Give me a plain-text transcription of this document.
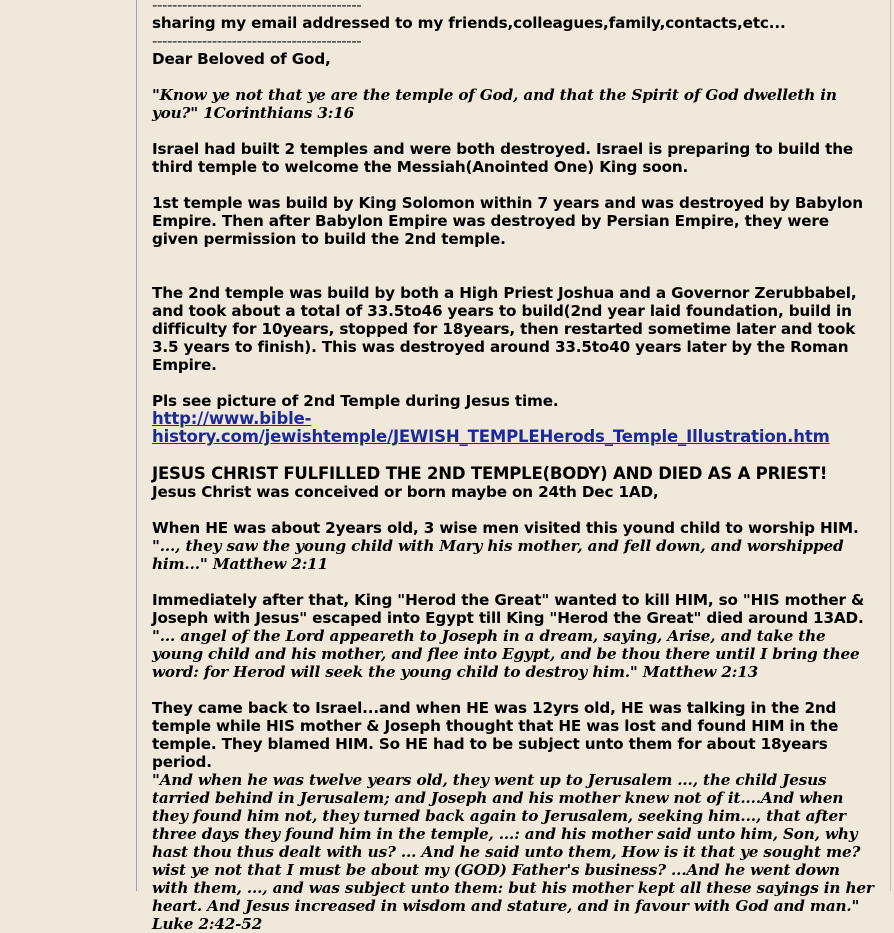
------------------------------------------

sharing my email addressed to my friends,colleagues,family,contacts,etc...

------------------------------------------

Dear Beloved of God,

"Know ye not that ye are the temple of God, and that the Spirit of God dwelleth in you?" 1Corinthians 3:16

Israel had built 2 temples and were both destroyed. Israel is preparing to build the third temple to welcome the Messiah(Anointed One) King soon.

1st temple was build by King Solomon within 7 years and was destroyed by Babylon Empire. Then after Babylon Empire was destroyed by Persian Empire, they were given permission to build the 2nd temple.

The 2nd temple was build by both a High Priest Joshua and a Governor Zerubbabel, and took about a total of 33.5to46 years to build(2nd year laid foundation, build in difficulty for 10years, stopped for 18years, then restarted sometime later and took 3.5 years to finish). This was destroyed around 33.5to40 years later by the Roman Empire.

Pls see picture of 2nd Temple during Jesus time.

http://www.bible-
history.com/jewishtemple/JEWISH_TEMPLEHerods_Temple_Illustration.htm

JESUS CHRIST FULFILLED THE 2ND TEMPLE(BODY) AND DIED AS A PRIEST!

Jesus Christ was conceived or born maybe on 24th Dec 1AD,

When HE was about 2years old, 3 wise men visited this yound child to worship HIM.

"..., they saw the young child with Mary his mother, and fell down, and worshipped him..." Matthew 2:11

Immediately after that, King "Herod the Great" wanted to kill HIM, so "HIS mother & Joseph with Jesus" escaped into Egypt till King "Herod the Great" died around 13AD.

"... angel of the Lord appeareth to Joseph in a dream, saying, Arise, and take the young child and his mother, and flee into Egypt, and be thou there until I bring thee word: for Herod will seek the young child to destroy him." Matthew 2:13

They came back to Israel...and when HE was 12yrs old, HE was talking in the 2nd temple while HIS mother & Joseph thought that HE was lost and found HIM in the temple. They blamed HIM. So HE had to be subject unto them for about 18years period.

"And when he was twelve years old, they went up to Jerusalem ..., the child Jesus tarried behind in Jerusalem; and Joseph and his mother knew not of it....And when they found him not, they turned back again to Jerusalem, seeking him..., that after three days they found him in the temple, ...: and his mother said unto him, Son, why hast thou thus dealt with us? ... And he said unto them, How is it that ye sought me? wist ye not that I must be about my (GOD) Father's business? ...And he went down with them, ..., and was subject unto them: but his mother kept all these sayings in her heart. And Jesus increased in wisdom and stature, and in favour with God and man." Luke 2:42-52
